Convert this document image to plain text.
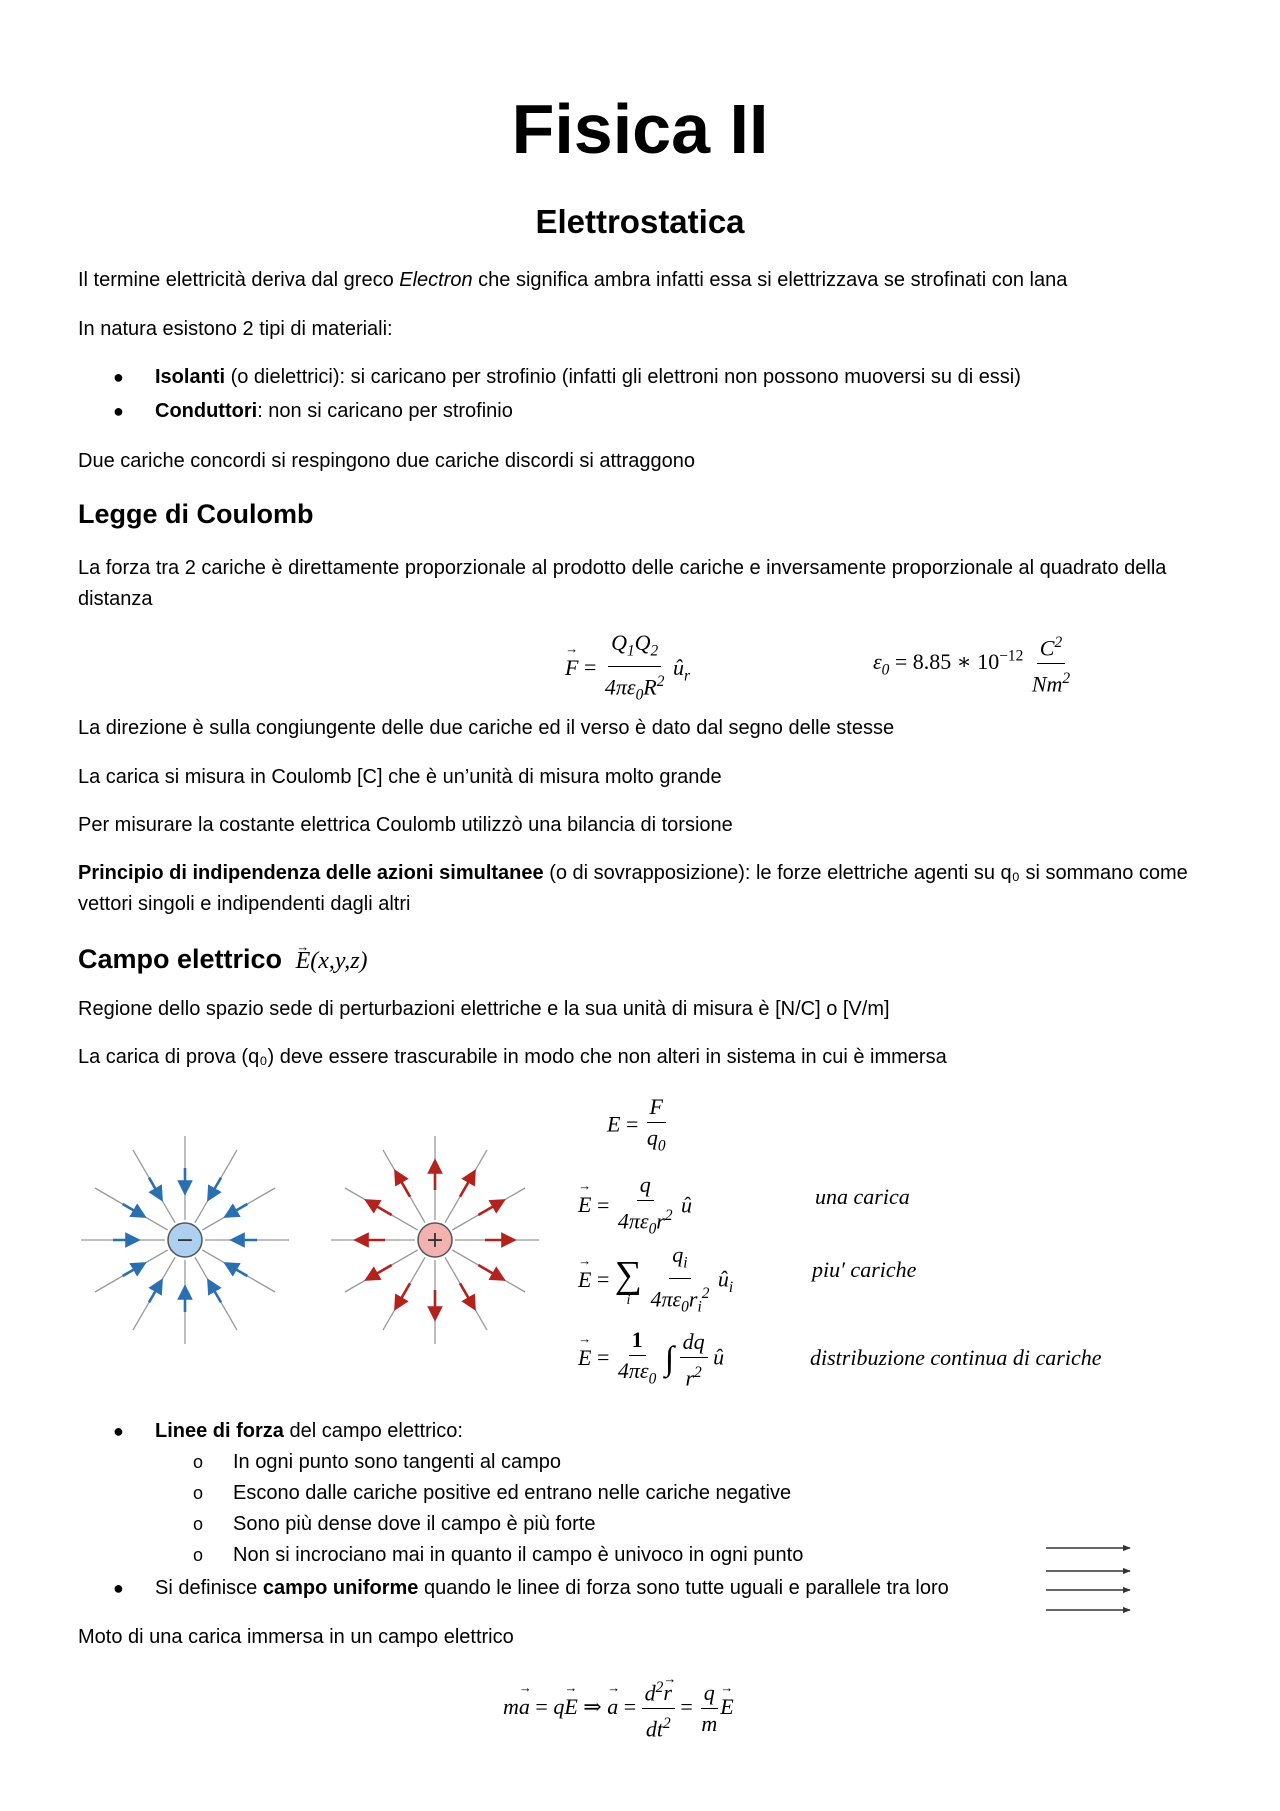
Fisica II
Elettrostatica
Il termine elettricità deriva dal greco Electron che significa ambra infatti essa si elettrizzava se strofinati con lana
In natura esistono 2 tipi di materiali:
● Isolanti (o dielettrici): si caricano per strofinio (infatti gli elettroni non possono muoversi su di essi)
● Conduttori: non si caricano per strofinio
Due cariche concordi si respingono due cariche discordi si attraggono
Legge di Coulomb
La forza tra 2 cariche è direttamente proporzionale al prodotto delle cariche e inversamente proporzionale al quadrato della distanza
→ $F = \frac{Q_1Q_2}{4\pi\varepsilon_0R^2}$ $û_r$
$\varepsilon_0 = 8.85$ ∗ $10^{-12} \frac{C^2}{Nm^2}$
La direzione è sulla congiungente delle due cariche ed il verso è dato dal segno delle stesse
La carica si misura in Coulomb [C] che è un’unità di misura molto grande
Per misurare la costante elettrica Coulomb utilizzò una bilancia di torsione
Principio di indipendenza delle azioni simultanee (o di sovrapposizione): le forze elettriche agenti su q₀ si sommano come vettori singoli e indipendenti dagli altri
Campo elettrico → E(x,y,z)
Regione dello spazio sede di perturbazioni elettriche e la sua unità di misura è [N/C] o [V/m]
La carica di prova (q₀) deve essere trascurabile in modo che non alteri in sistema in cui è immersa
−	+
$E = \frac{F}{q_0}$
→ $E = \frac{q}{4\pi\varepsilon_0r^2}$ û	una carica
→ E = ∑
i
$\frac{q_i}{4\pi\varepsilon_0r_i^2}$ $û_i$
piu′ cariche
→ $E = \frac{1}{4\pi\varepsilon_0}$ ∫ $\frac{dq}{r^2}$ û	distribuzione continua di cariche
● Linee di forza del campo elettrico:
o In ogni punto sono tangenti al campo
o Escono dalle cariche positive ed entrano nelle cariche negative
o Sono più dense dove il campo è più forte
o Non si incrociano mai in quanto il campo è univoco in ogni punto
● Si definisce campo uniforme quando le linee di forza sono tutte uguali e parallele tra loro
Moto di una carica immersa in un campo elettrico
m→ a = q→ E ⇒ → $a = \frac{d^2\to r}{dt^2} = \frac{q}{m}$
→ E
